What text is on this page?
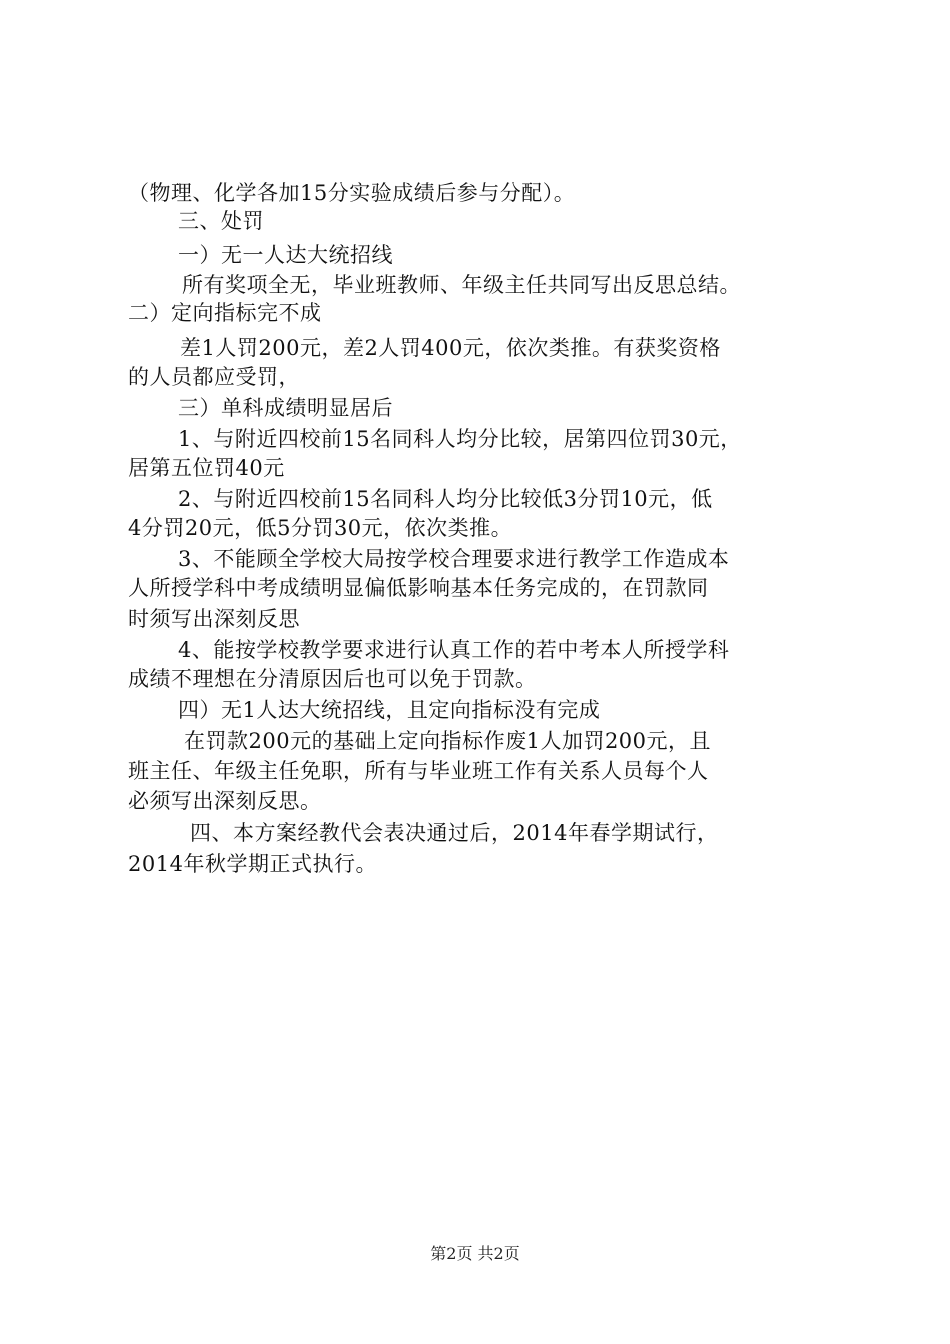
（物理、化学各加15分实验成绩后参与分配）。
三、处罚
一）无一人达大统招线
所有奖项全无，毕业班教师、年级主任共同写出反思总结。
二）定向指标完不成
差1人罚200元，差2人罚400元，依次类推。有获奖资格
的人员都应受罚，
三）单科成绩明显居后
1、与附近四校前15名同科人均分比较，居第四位罚30元，
居第五位罚40元
2、与附近四校前15名同科人均分比较低3分罚10元，低
4分罚20元，低5分罚30元，依次类推。
3、不能顾全学校大局按学校合理要求进行教学工作造成本
人所授学科中考成绩明显偏低影响基本任务完成的，在罚款同
时须写出深刻反思
4、能按学校教学要求进行认真工作的若中考本人所授学科
成绩不理想在分清原因后也可以免于罚款。
四）无1人达大统招线，且定向指标没有完成
在罚款200元的基础上定向指标作废1人加罚200元，且
班主任、年级主任免职，所有与毕业班工作有关系人员每个人
必须写出深刻反思。
四、本方案经教代会表决通过后，2014年春学期试行，
2014年秋学期正式执行。
第2页 共2页
